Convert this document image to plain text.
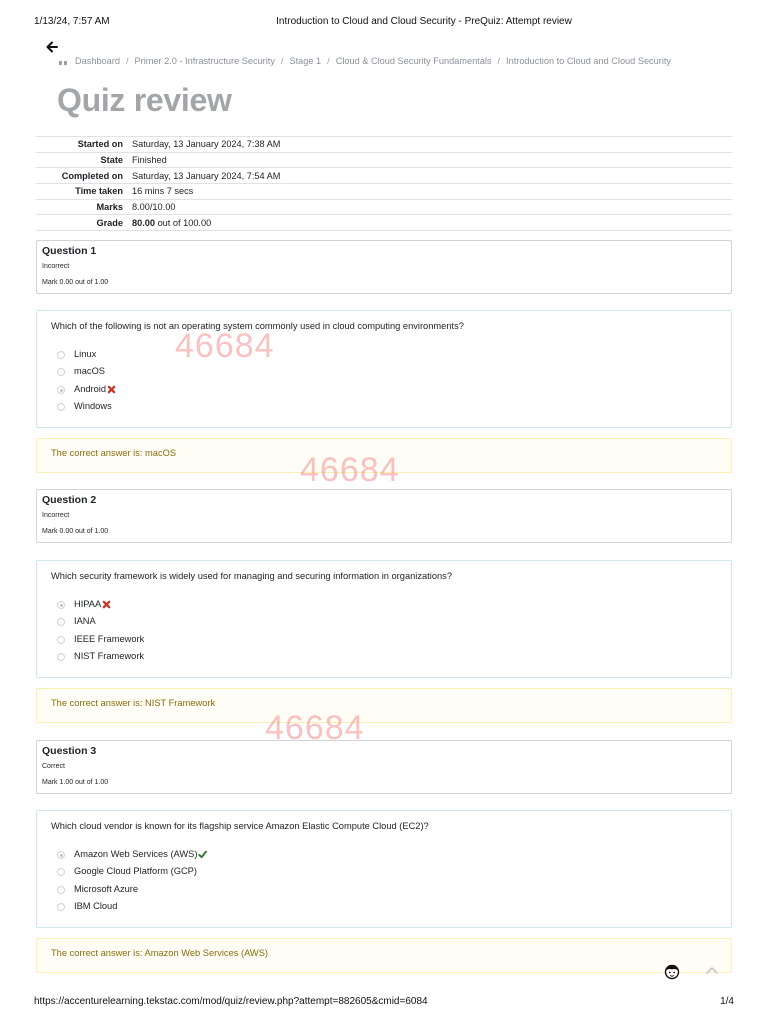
1/13/24, 7:57 AM	Introduction to Cloud and Cloud Security - PreQuiz: Attempt review
Dashboard / Primer 2.0 - Infrastructure Security / Stage 1 / Cloud & Cloud Security Fundamentals / Introduction to Cloud and Cloud Security
Quiz review
Started on	Saturday, 13 January 2024, 7:38 AM
State	Finished
Completed on	Saturday, 13 January 2024, 7:54 AM
Time taken	16 mins 7 secs
Marks	8.00/10.00
Grade	80.00 out of 100.00
Question 1
Incorrect
Mark 0.00 out of 1.00
Which of the following is not an operating system commonly used in cloud computing environments?
Linux
macOS
Android
Windows
The correct answer is: macOS
Question 2
Incorrect
Mark 0.00 out of 1.00
Which security framework is widely used for managing and securing information in organizations?
HIPAA
IANA
IEEE Framework
NIST Framework
The correct answer is: NIST Framework
Question 3
Correct
Mark 1.00 out of 1.00
Which cloud vendor is known for its flagship service Amazon Elastic Compute Cloud (EC2)?
Amazon Web Services (AWS)
Google Cloud Platform (GCP)
Microsoft Azure
IBM Cloud
The correct answer is: Amazon Web Services (AWS)
46684
46684
46684
https://accenturelearning.tekstac.com/mod/quiz/review.php?attempt=882605&cmid=6084	1/4
